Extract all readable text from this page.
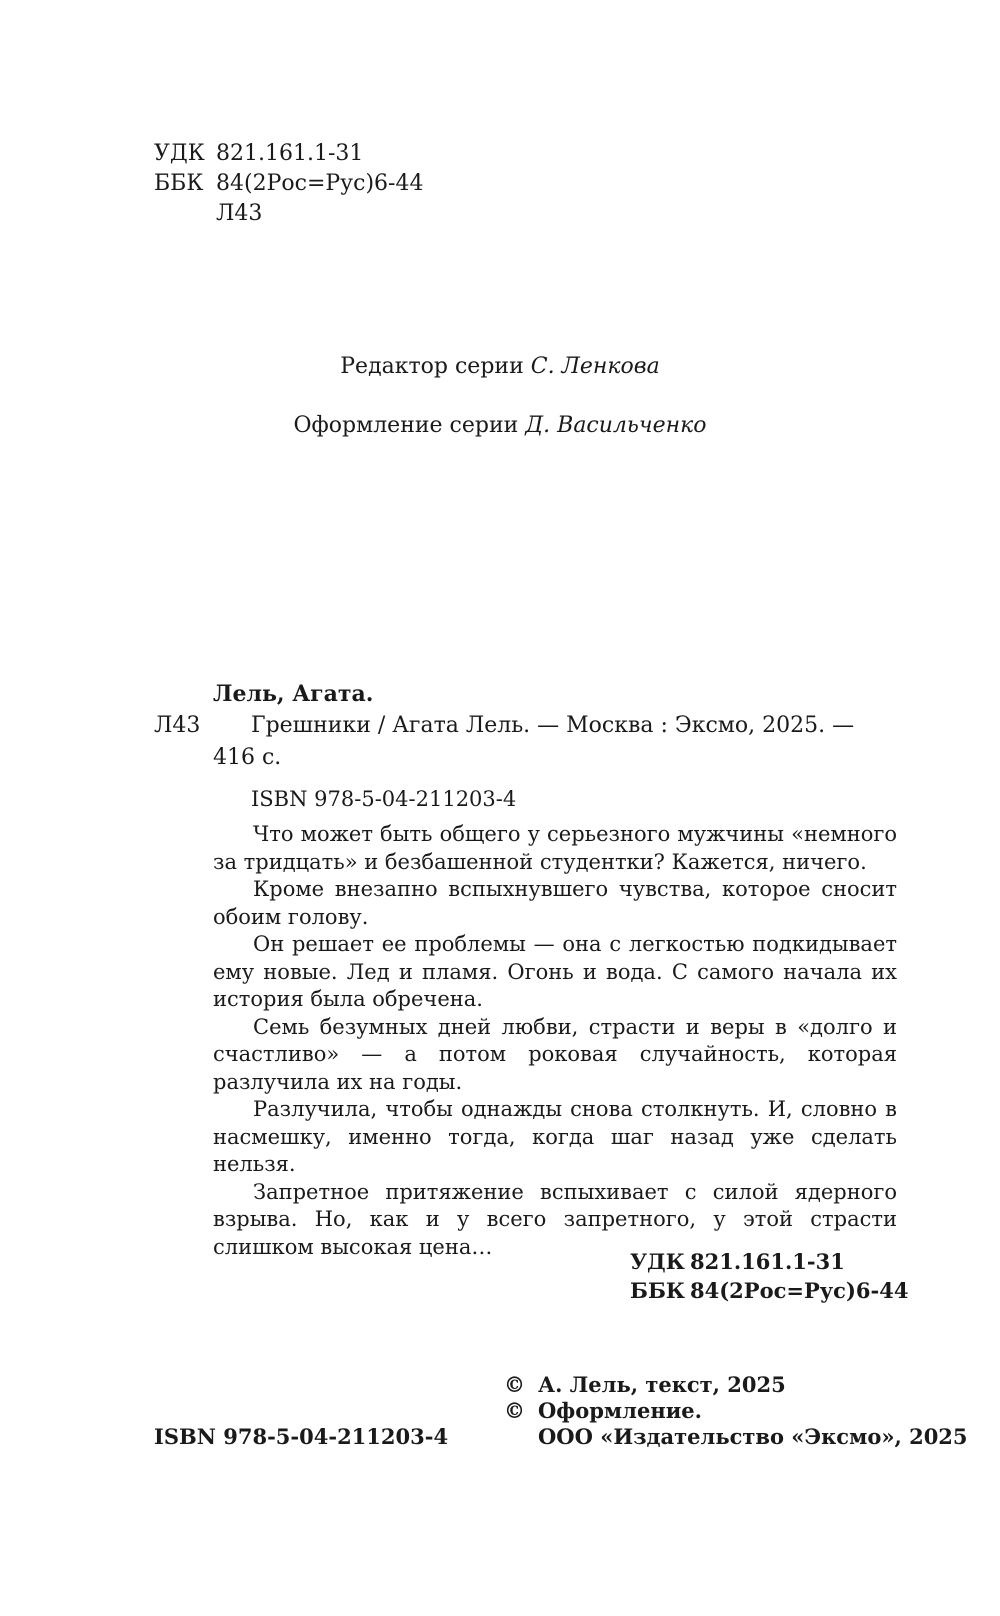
УДК 821.161.1-31
ББК 84(2Рос=Рус)6-44
Л43
Редактор серии С. Ленкова
Оформление серии Д. Васильченко
Лель, Агата.
Л43 Грешники / Агата Лель. — Москва : Эксмо, 2025. —
416 с.
ISBN 978-5-04-211203-4

Что может быть общего у серьезного мужчины «немного за тридцать» и безбашенной студентки? Кажется, ничего.

Кроме внезапно вспыхнувшего чувства, которое сносит обоим голову.

Он решает ее проблемы — она с легкостью подкидывает ему новые. Лед и пламя. Огонь и вода. С самого начала их история была обречена.

Семь безумных дней любви, страсти и веры в «долго и счастливо» — а потом роковая случайность, которая разлучила их на годы.

Разлучила, чтобы однажды снова столкнуть. И, словно в насмешку, именно тогда, когда шаг назад уже сделать нельзя.

Запретное притяжение вспыхивает с силой ядерного взрыва. Но, как и у всего запретного, у этой страсти слишком высокая цена…

УДК 821.161.1-31
ББК 84(2Рос=Рус)6-44
© А. Лель, текст, 2025
© Оформление.
ISBN 978-5-04-211203-4	ООО «Издательство «Эксмо», 2025
